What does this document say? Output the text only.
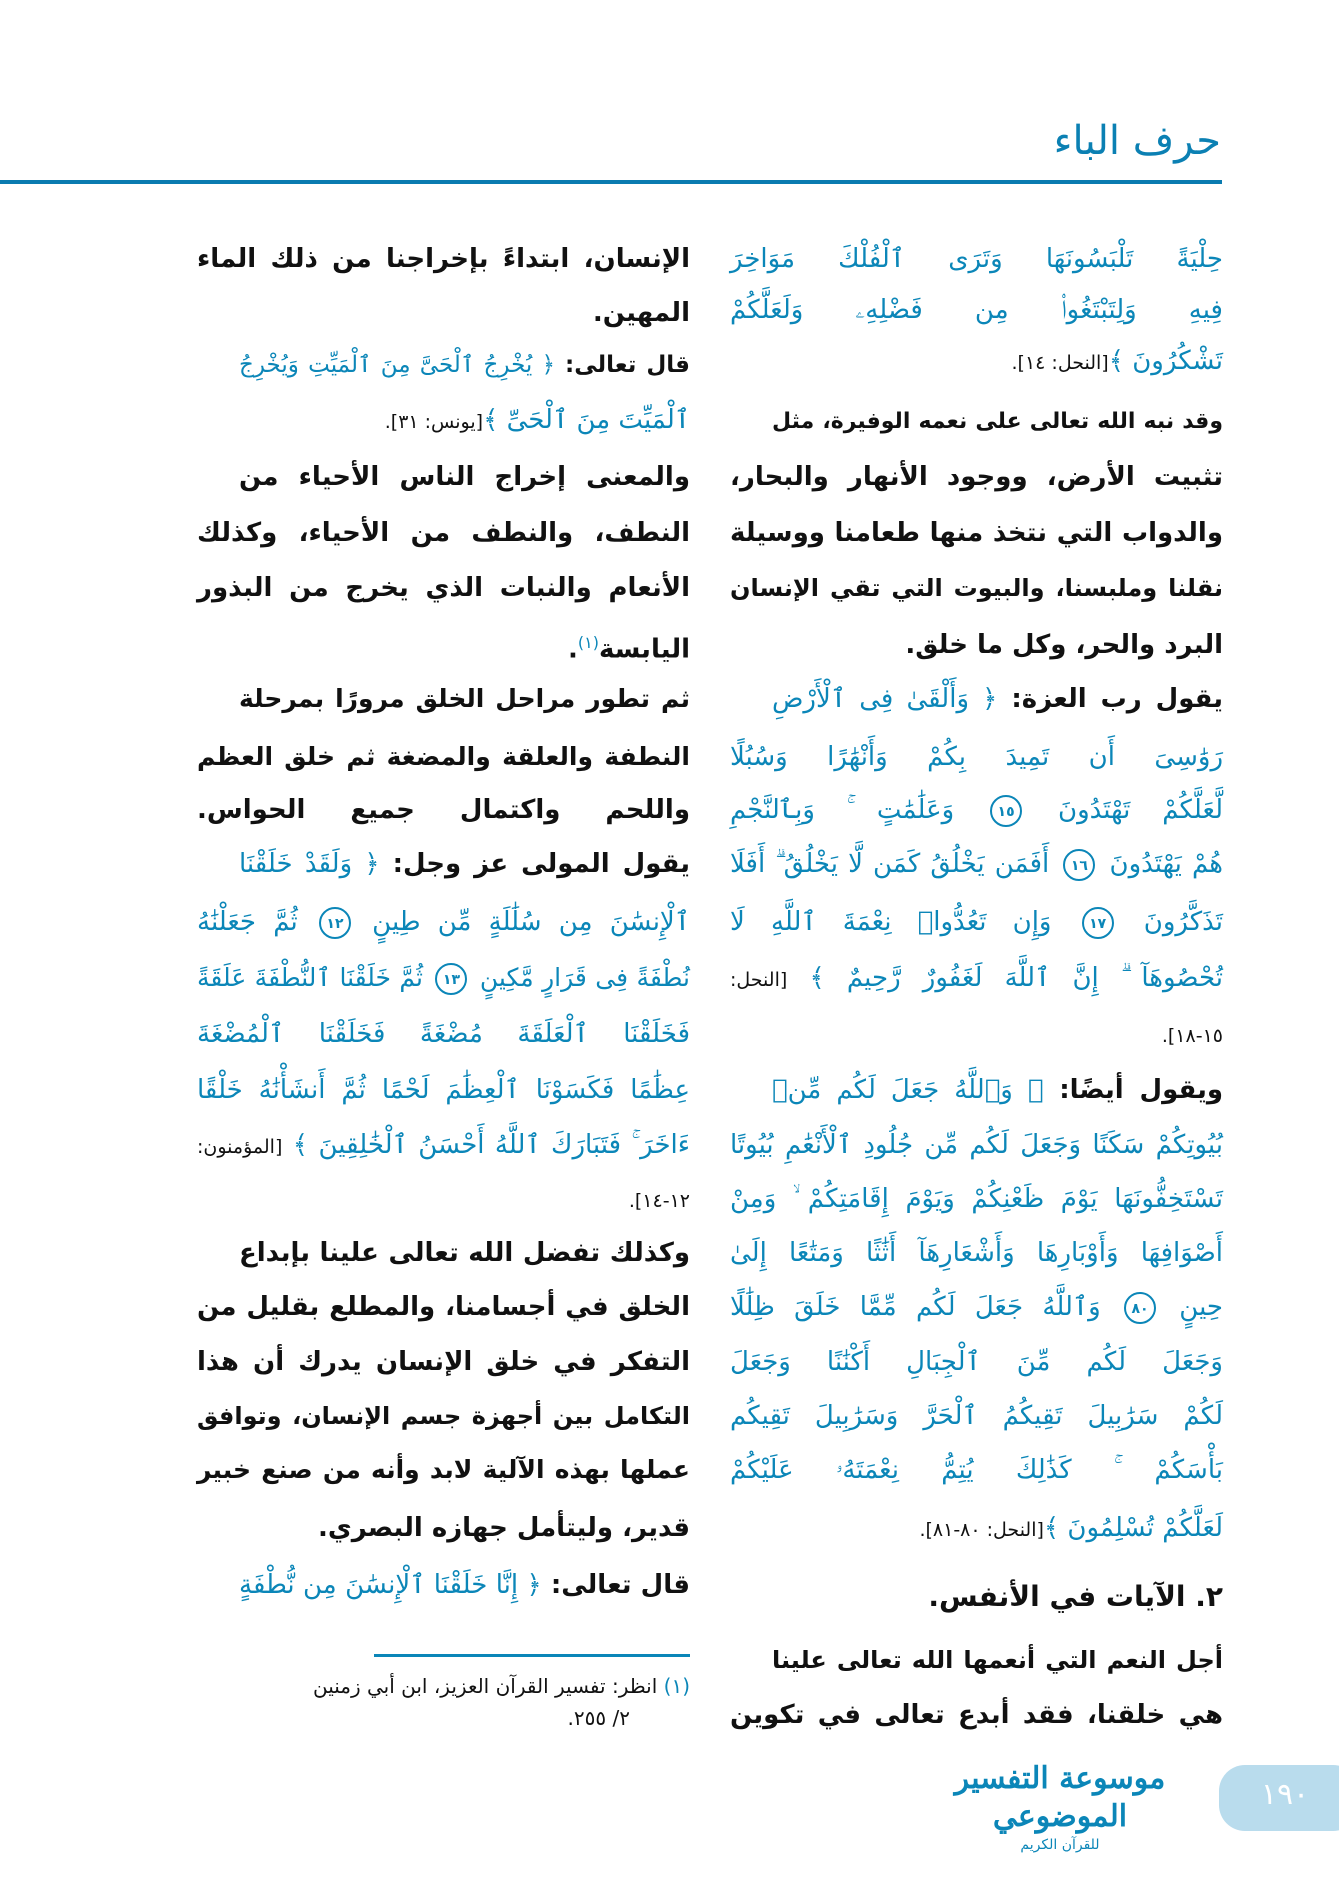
حرف الباء
حِلْيَةً تَلْبَسُونَهَا وَتَرَى ٱلْفُلْكَ مَوَاخِرَ
فِيهِ وَلِتَبْتَغُوا۟ مِن فَضْلِهِۦ وَلَعَلَّكُمْ
تَشْكُرُونَ ﴾[النحل: ١٤].
وقد نبه الله تعالى على نعمه الوفيرة، مثل
تثبيت الأرض، ووجود الأنهار والبحار،
والدواب التي نتخذ منها طعامنا ووسيلة
نقلنا وملبسنا، والبيوت التي تقي الإنسان
البرد والحر، وكل ما خلق.
يقول رب العزة: ﴿ وَأَلْقَىٰ فِى ٱلْأَرْضِ
رَوَٰسِىَ أَن تَمِيدَ بِكُمْ وَأَنْهَٰرًا وَسُبُلًا
لَّعَلَّكُمْ تَهْتَدُونَ ١٥ وَعَلَٰمَٰتٍ ۚ وَبِٱلنَّجْمِ
هُمْ يَهْتَدُونَ ١٦ أَفَمَن يَخْلُقُ كَمَن لَّا يَخْلُقُ ۗ أَفَلَا
تَذَكَّرُونَ ١٧ وَإِن تَعُدُّوا۟ نِعْمَةَ ٱللَّهِ لَا
تُحْصُوهَآ ۗ إِنَّ ٱللَّهَ لَغَفُورٌ رَّحِيمٌ ﴾ [النحل:
١٥-١٨].
ويقول أيضًا: ﴿ وَٱللَّهُ جَعَلَ لَكُم مِّنۢ
بُيُوتِكُمْ سَكَنًا وَجَعَلَ لَكُم مِّن جُلُودِ ٱلْأَنْعَٰمِ بُيُوتًا
تَسْتَخِفُّونَهَا يَوْمَ ظَعْنِكُمْ وَيَوْمَ إِقَامَتِكُمْ ۙ وَمِنْ
أَصْوَافِهَا وَأَوْبَارِهَا وَأَشْعَارِهَآ أَثَٰثًا وَمَتَٰعًا إِلَىٰ
حِينٍ ٨٠ وَٱللَّهُ جَعَلَ لَكُم مِّمَّا خَلَقَ ظِلَٰلًا
وَجَعَلَ لَكُم مِّنَ ٱلْجِبَالِ أَكْنَٰنًا وَجَعَلَ
لَكُمْ سَرَٰبِيلَ تَقِيكُمُ ٱلْحَرَّ وَسَرَٰبِيلَ تَقِيكُم
بَأْسَكُمْ ۚ كَذَٰلِكَ يُتِمُّ نِعْمَتَهُۥ عَلَيْكُمْ
لَعَلَّكُمْ تُسْلِمُونَ ﴾[النحل: ٨٠-٨١].
٢. الآيات في الأنفس.
أجل النعم التي أنعمها الله تعالى علينا
هي خلقنا، فقد أبدع تعالى في تكوين
الإنسان، ابتداءً بإخراجنا من ذلك الماء
المهين.
قال تعالى: ﴿ يُخْرِجُ ٱلْحَىَّ مِنَ ٱلْمَيِّتِ وَيُخْرِجُ
ٱلْمَيِّتَ مِنَ ٱلْحَىِّ ﴾[يونس: ٣١].
والمعنى إخراج الناس الأحياء من
النطف، والنطف من الأحياء، وكذلك
الأنعام والنبات الذي يخرج من البذور
اليابسة$^{(١)}$.
ثم تطور مراحل الخلق مرورًا بمرحلة
النطفة والعلقة والمضغة ثم خلق العظم
واللحم واكتمال جميع الحواس.
يقول المولى عز وجل: ﴿ وَلَقَدْ خَلَقْنَا
ٱلْإِنسَٰنَ مِن سُلَٰلَةٍ مِّن طِينٍ ١٢ ثُمَّ جَعَلْنَٰهُ
نُطْفَةً فِى قَرَارٍ مَّكِينٍ ١٣ ثُمَّ خَلَقْنَا ٱلنُّطْفَةَ عَلَقَةً
فَخَلَقْنَا ٱلْعَلَقَةَ مُضْغَةً فَخَلَقْنَا ٱلْمُضْغَةَ
عِظَٰمًا فَكَسَوْنَا ٱلْعِظَٰمَ لَحْمًا ثُمَّ أَنشَأْنَٰهُ خَلْقًا
ءَاخَرَ ۚ فَتَبَارَكَ ٱللَّهُ أَحْسَنُ ٱلْخَٰلِقِينَ ﴾ [المؤمنون:
١٢-١٤].
وكذلك تفضل الله تعالى علينا بإبداع
الخلق في أجسامنا، والمطلع بقليل من
التفكر في خلق الإنسان يدرك أن هذا
التكامل بين أجهزة جسم الإنسان، وتوافق
عملها بهذه الآلية لابد وأنه من صنع خبير
قدير، وليتأمل جهازه البصري.
قال تعالى: ﴿ إِنَّا خَلَقْنَا ٱلْإِنسَٰنَ مِن نُّطْفَةٍ
(١) انظر: تفسير القرآن العزيز، ابن أبي زمنين
٢/ ٢٥٥.
موسوعة التفسير الموضوعي
للقرآن الكريم
١٩٠
